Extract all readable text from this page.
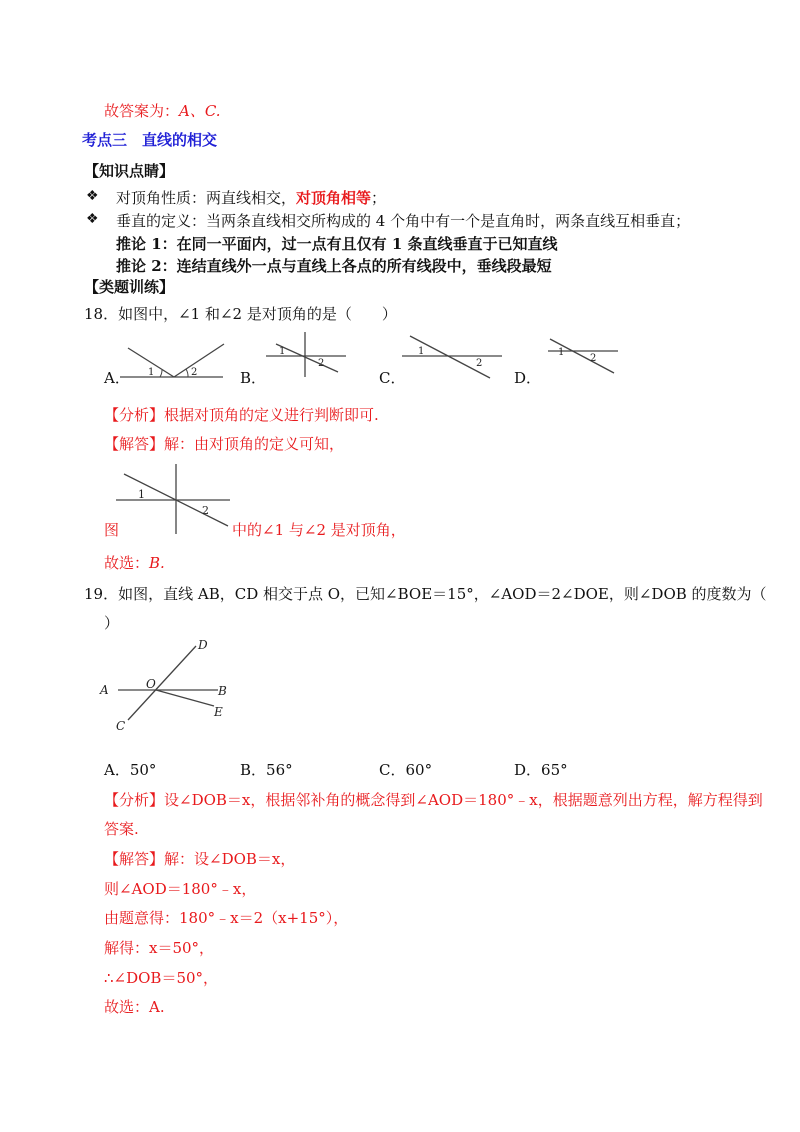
故答案为：A、C.
考点三　直线的相交
【知识点睛】
❖ 对顶角性质：两直线相交，对顶角相等；
❖ 垂直的定义：当两条直线相交所构成的 4 个角中有一个是直角时，两条直线互相垂直；
推论 1：在同一平面内，过一点有且仅有 1 条直线垂直于已知直线
推论 2：连结直线外一点与直线上各点的所有线段中，垂线段最短
【类题训练】
18．如图中，∠1 和∠2 是对顶角的是（　　）
A． 1	2	B．
1
2
C．
1
2
D．
1
2
【分析】根据对顶角的定义进行判断即可.
【解答】解：由对顶角的定义可知，
1
2
图	中的∠1 与∠2 是对顶角，
故选：B.
19．如图，直线 AB，CD 相交于点 O，已知∠BOE＝15°，∠AOD＝2∠DOE，则∠DOB 的度数为（
）
A	O	B
C
D
E
A．50°	B．56°	C．60°	D．65°
【分析】设∠DOB＝x，根据邻补角的概念得到∠AOD＝180°﹣x，根据题意列出方程，解方程得到
答案.
【解答】解：设∠DOB＝x，
则∠AOD＝180°﹣x，
由题意得：180°﹣x＝2（x+15°），
解得：x＝50°，
∴∠DOB＝50°，
故选：A.
